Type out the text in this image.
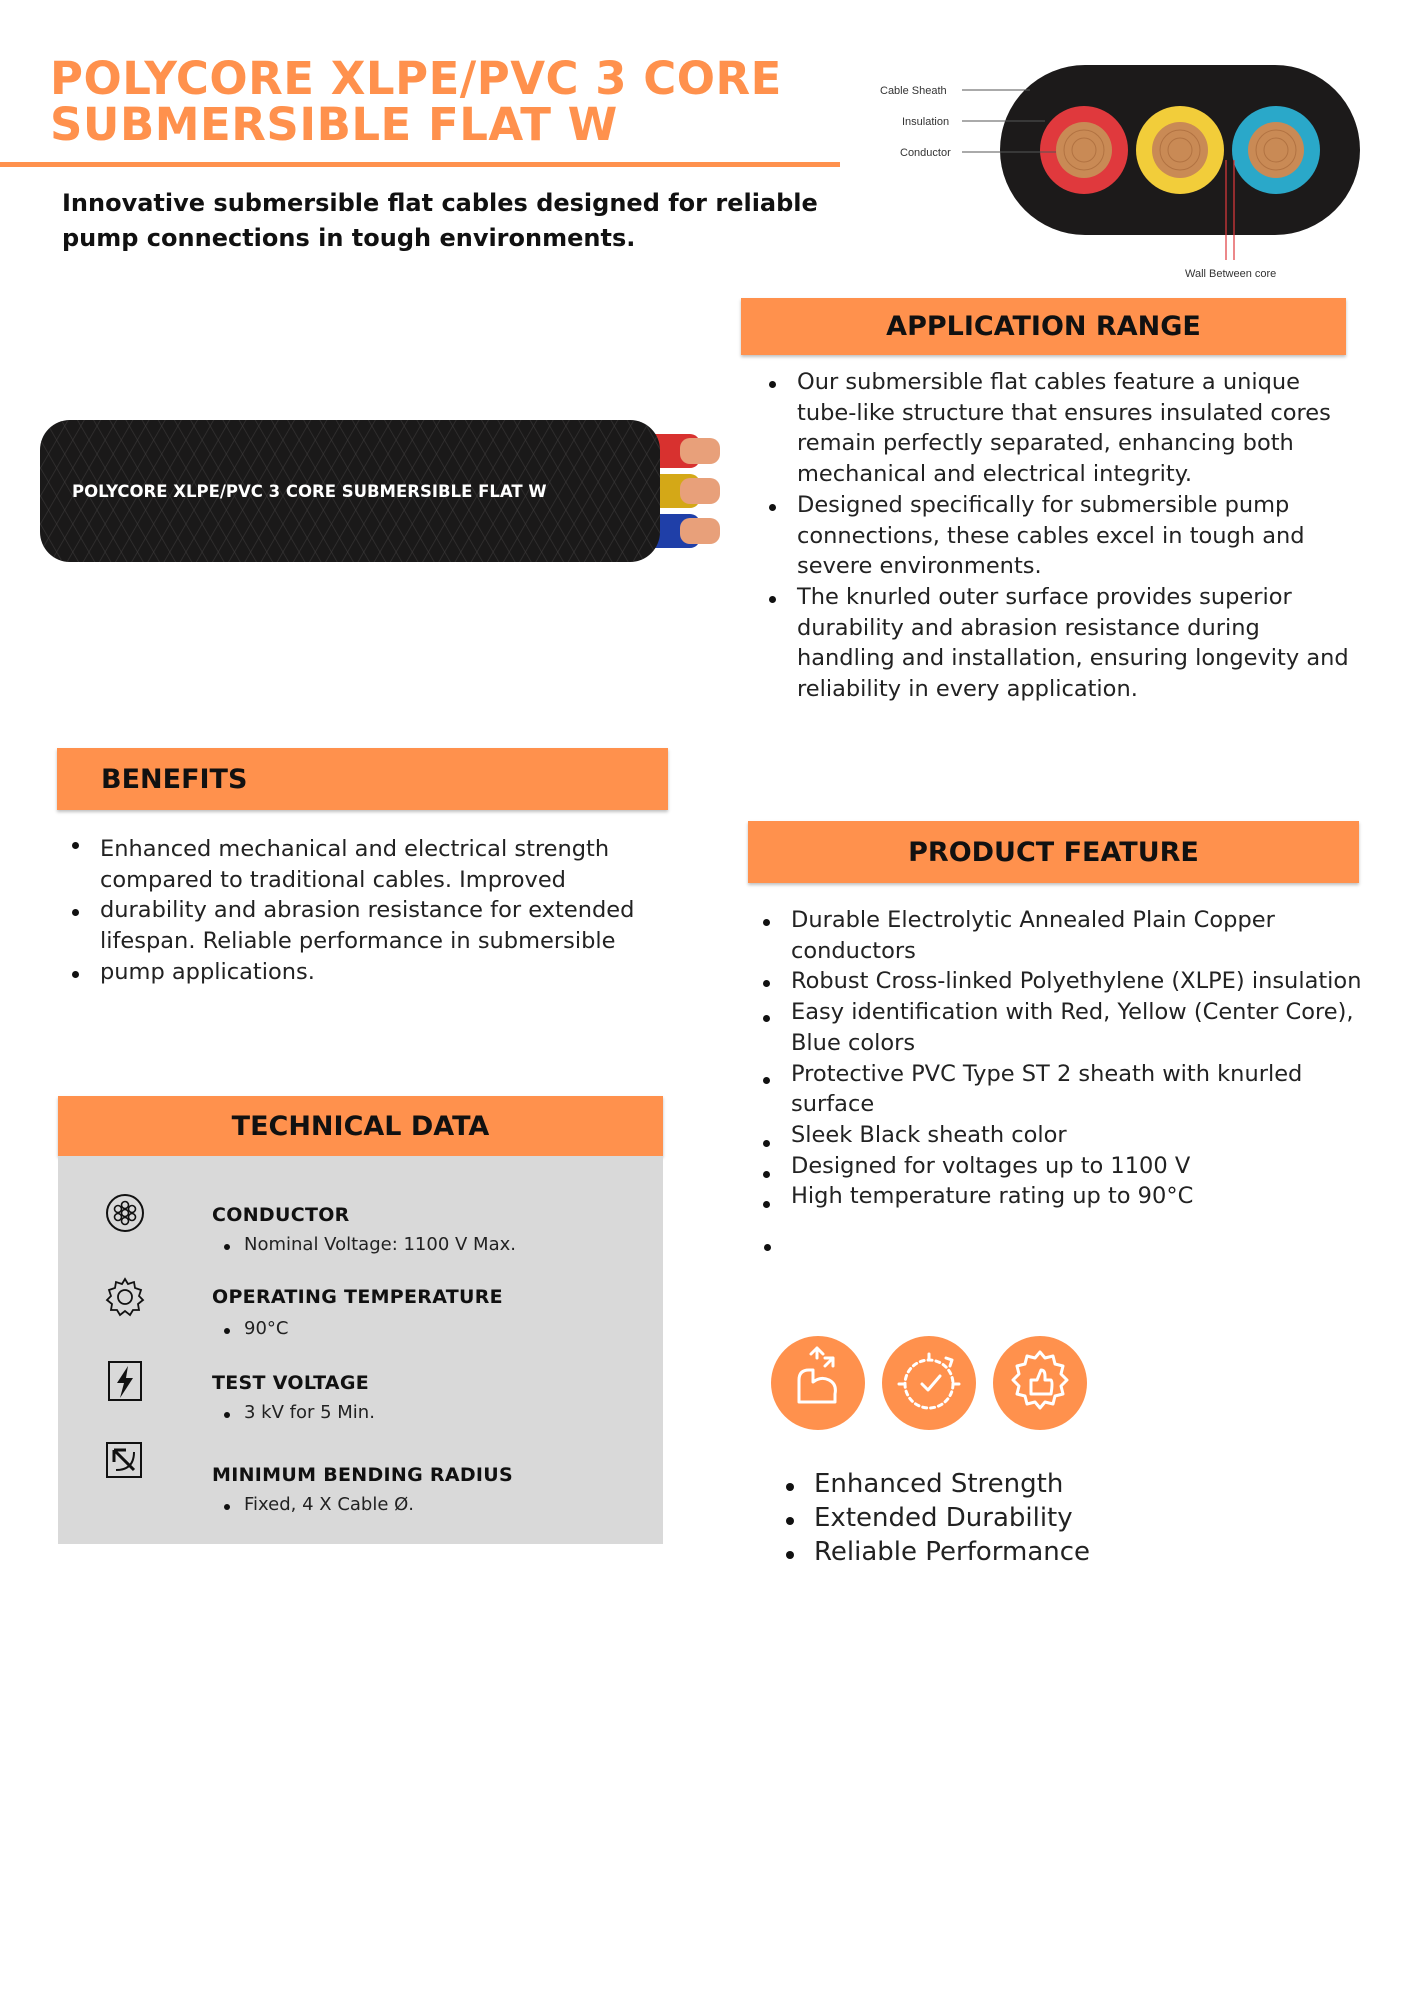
POLYCORE XLPE/PVC 3 CORE
SUBMERSIBLE FLAT W
Innovative submersible flat cables designed for reliable pump connections in tough environments.
Cable Sheath
Insulation
Conductor
Wall Between core
POLYCORE XLPE/PVC 3 CORE SUBMERSIBLE FLAT W
APPLICATION RANGE
Our submersible flat cables feature a unique tube-like structure that ensures insulated cores remain perfectly separated, enhancing both mechanical and electrical integrity.
Designed specifically for submersible pump connections, these cables excel in tough and severe environments.
The knurled outer surface provides superior durability and abrasion resistance during handling and installation, ensuring longevity and reliability in every application.
BENEFITS
Enhanced mechanical and electrical strength
compared to traditional cables. Improved
durability and abrasion resistance for extended
lifespan. Reliable performance in submersible
pump applications.
PRODUCT FEATURE
Durable Electrolytic Annealed Plain Copper conductors
Robust Cross-linked Polyethylene (XLPE) insulation
Easy identification with Red, Yellow (Center Core), Blue colors
Protective PVC Type ST 2 sheath with knurled surface
Sleek Black sheath color
Designed for voltages up to 1100 V
High temperature rating up to 90°C
TECHNICAL DATA
CONDUCTOR
Nominal Voltage: 1100 V Max.
OPERATING TEMPERATURE
90°C
TEST VOLTAGE
3 kV for 5 Min.
MINIMUM BENDING RADIUS
Fixed, 4 X Cable Ø.
Enhanced Strength
Extended Durability
Reliable Performance
